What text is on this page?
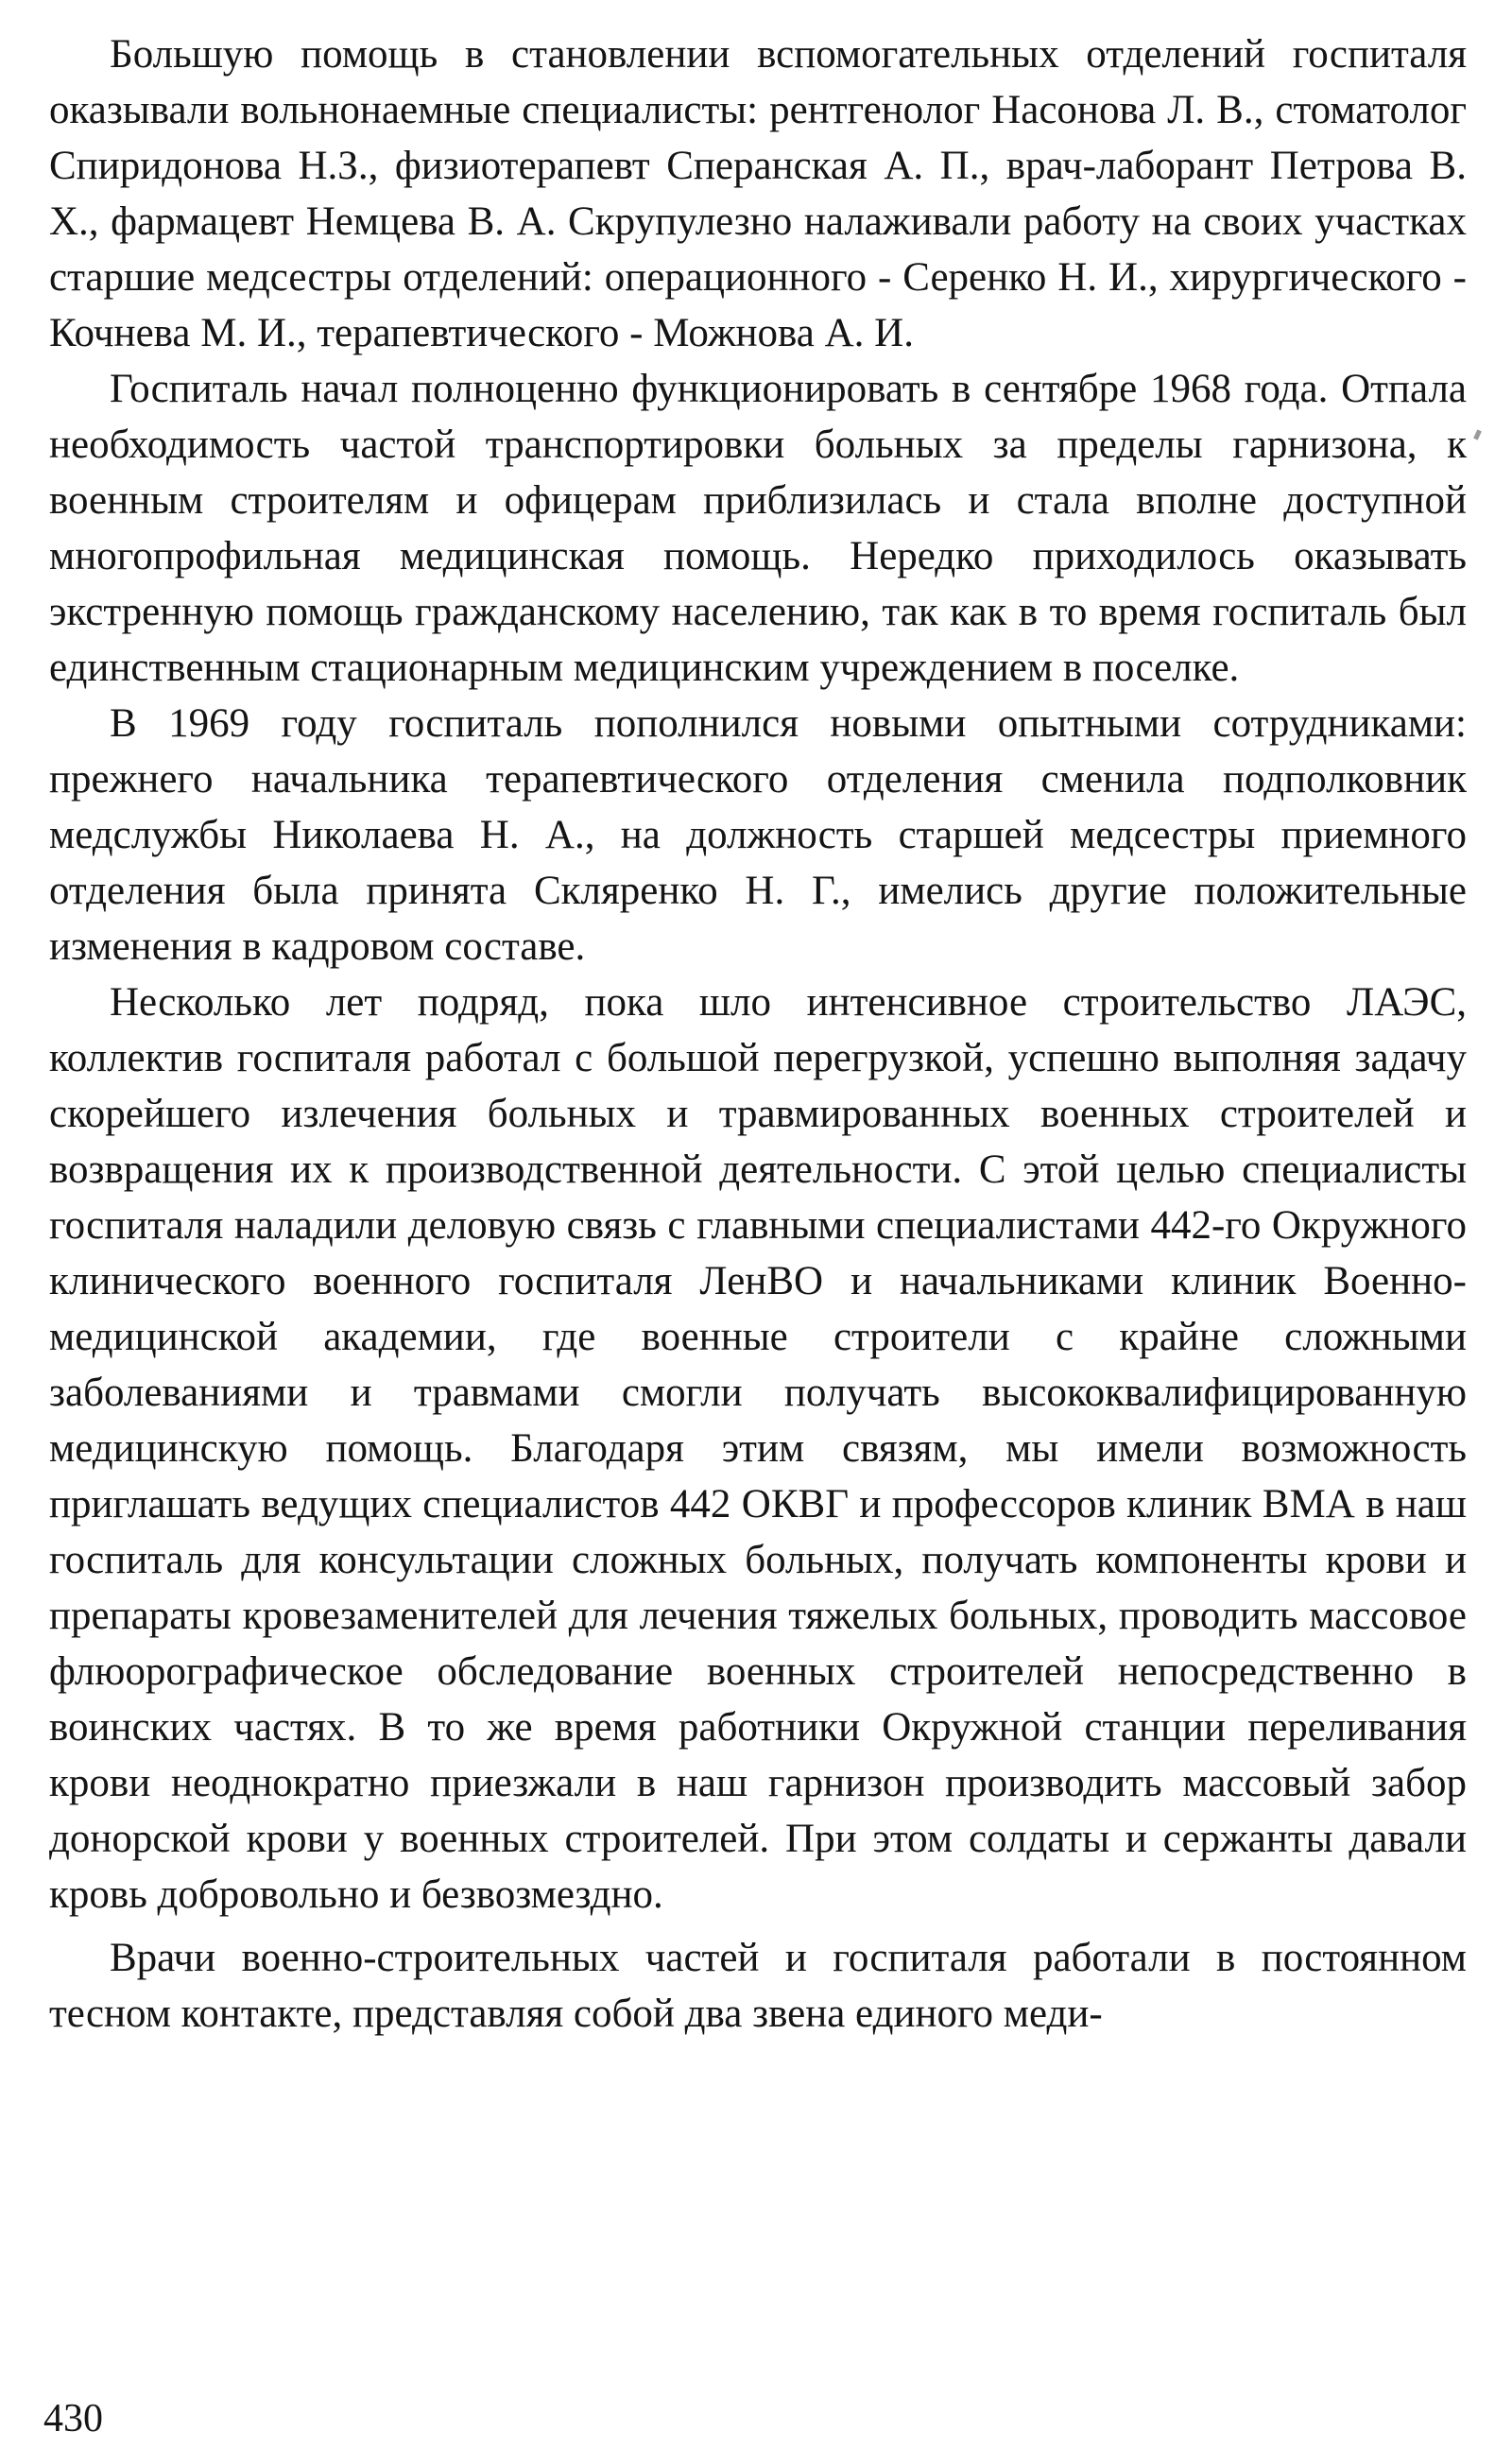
Большую помощь в становлении вспомогательных отделений госпиталя оказывали вольнонаемные специалисты: рентгенолог Насонова Л. В., стоматолог Спиридонова Н.З., физиотерапевт Сперанская А. П., врач-лаборант Петрова В. Х., фармацевт Немцева В. А. Скрупулезно налаживали работу на своих участках старшие медсестры отделений: операционного - Серенко Н. И., хирургического - Кочнева М. И., терапевтического - Можнова А. И.

Госпиталь начал полноценно функционировать в сентябре 1968 года. Отпала необходимость частой транспортировки больных за пределы гарнизона, к военным строителям и офицерам приблизилась и стала вполне доступной многопрофильная медицинская помощь. Нередко приходилось оказывать экстренную помощь гражданскому населению, так как в то время госпиталь был единственным стационарным медицинским учреждением в поселке.

В 1969 году госпиталь пополнился новыми опытными сотрудниками: прежнего начальника терапевтического отделения сменила подполковник медслужбы Николаева Н. А., на должность старшей медсестры приемного отделения была принята Скляренко Н. Г., имелись другие положительные изменения в кадровом составе.

Несколько лет подряд, пока шло интенсивное строительство ЛАЭС, коллектив госпиталя работал с большой перегрузкой, успешно выполняя задачу скорейшего излечения больных и травмированных военных строителей и возвращения их к производственной деятельности. С этой целью специалисты госпиталя наладили деловую связь с главными специалистами 442-го Окружного клинического военного госпиталя ЛенВО и начальниками клиник Военно-медицинской академии, где военные строители с крайне сложными заболеваниями и травмами смогли получать высококвалифицированную медицинскую помощь. Благодаря этим связям, мы имели возможность приглашать ведущих специалистов 442 ОКВГ и профессоров клиник ВМА в наш госпиталь для консультации сложных больных, получать компоненты крови и препараты кровезаменителей для лечения тяжелых больных, проводить массовое флюорографическое обследование военных строителей непосредственно в воинских частях. В то же время работники Окружной станции переливания крови неоднократно приезжали в наш гарнизон производить массовый забор донорской крови у военных строителей. При этом солдаты и сержанты давали кровь добровольно и безвозмездно.

Врачи военно-строительных частей и госпиталя работали в постоянном тесном контакте, представляя собой два звена единого меди-

430
